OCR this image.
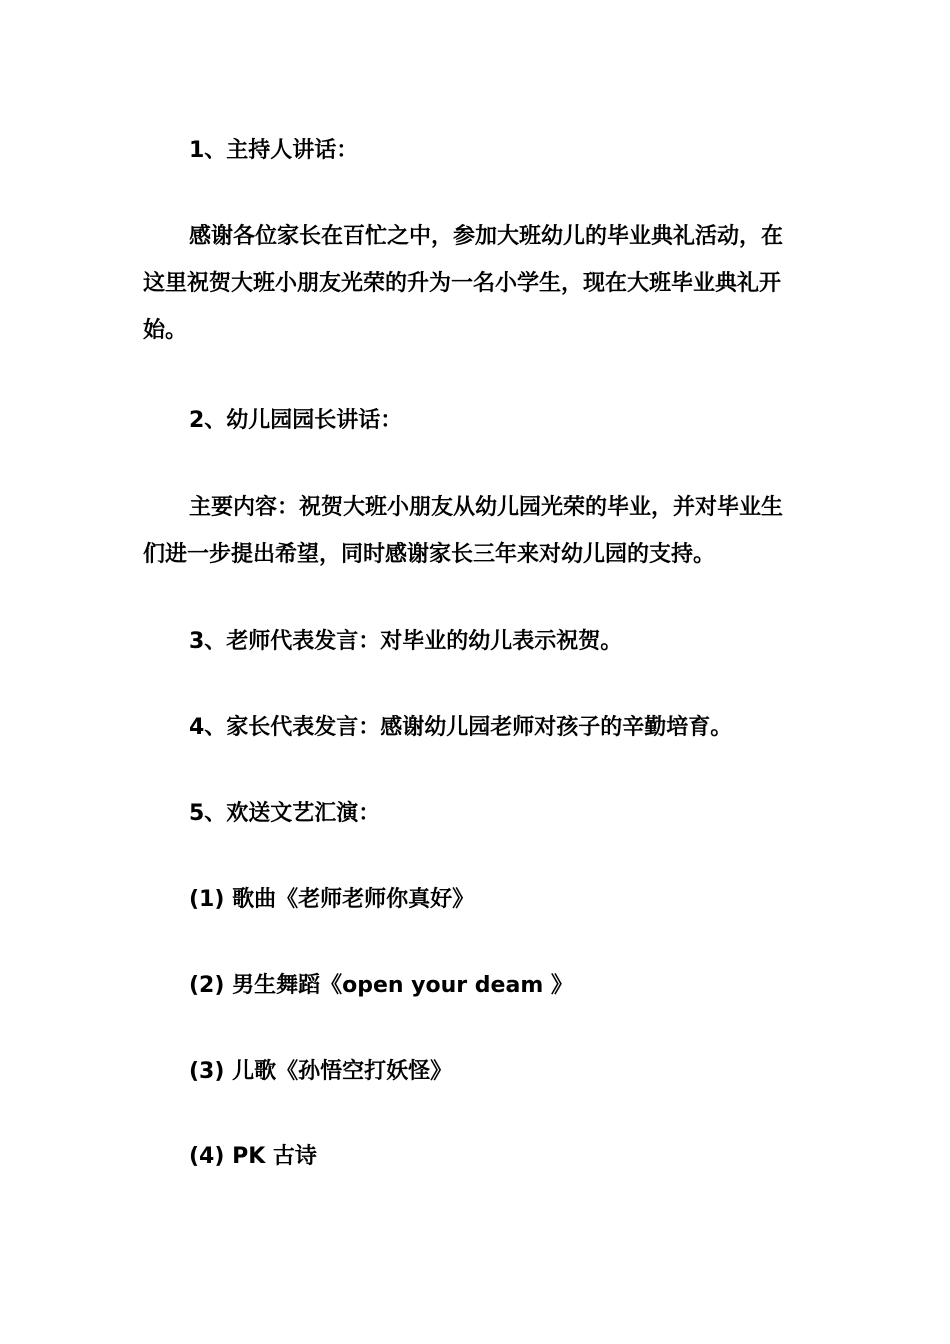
1、主持人讲话：

感谢各位家长在百忙之中，参加大班幼儿的毕业典礼活动，在这里祝贺大班小朋友光荣的升为一名小学生，现在大班毕业典礼开始。

2、幼儿园园长讲话：

主要内容：祝贺大班小朋友从幼儿园光荣的毕业，并对毕业生们进一步提出希望，同时感谢家长三年来对幼儿园的支持。

3、老师代表发言：对毕业的幼儿表示祝贺。

4、家长代表发言：感谢幼儿园老师对孩子的辛勤培育。

5、欢送文艺汇演：

(1) 歌曲《老师老师你真好》

(2) 男生舞蹈《open your deam 》

(3) 儿歌《孙悟空打妖怪》

(4) PK 古诗
